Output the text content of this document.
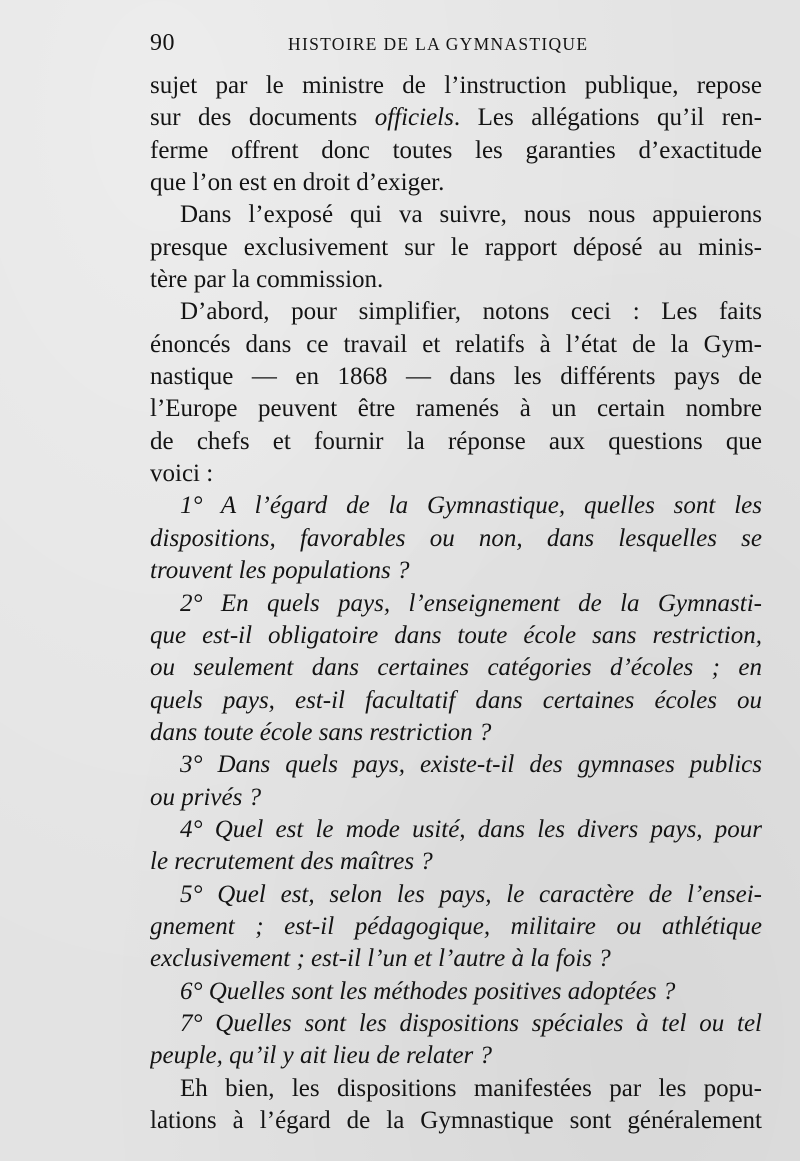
90	HISTOIRE DE LA GYMNASTIQUE
sujet par le ministre de l’instruction publique, repose
sur des documents officiels. Les allégations qu’il ren-
ferme offrent donc toutes les garanties d’exactitude
que l’on est en droit d’exiger.
Dans l’exposé qui va suivre, nous nous appuierons
presque exclusivement sur le rapport déposé au minis-
tère par la commission.
D’abord, pour simplifier, notons ceci : Les faits
énoncés dans ce travail et relatifs à l’état de la Gym-
nastique — en 1868 — dans les différents pays de
l’Europe peuvent être ramenés à un certain nombre
de chefs et fournir la réponse aux questions que
voici :
1° A l’égard de la Gymnastique, quelles sont les
dispositions, favorables ou non, dans lesquelles se
trouvent les populations ?
2° En quels pays, l’enseignement de la Gymnasti-
que est-il obligatoire dans toute école sans restriction,
ou seulement dans certaines catégories d’écoles ; en
quels pays, est-il facultatif dans certaines écoles ou
dans toute école sans restriction ?
3° Dans quels pays, existe-t-il des gymnases publics
ou privés ?
4° Quel est le mode usité, dans les divers pays, pour
le recrutement des maîtres ?
5° Quel est, selon les pays, le caractère de l’ensei-
gnement ; est-il pédagogique, militaire ou athlétique
exclusivement ; est-il l’un et l’autre à la fois ?
6° Quelles sont les méthodes positives adoptées ?
7° Quelles sont les dispositions spéciales à tel ou tel
peuple, qu’il y ait lieu de relater ?
Eh bien, les dispositions manifestées par les popu-
lations à l’égard de la Gymnastique sont généralement
